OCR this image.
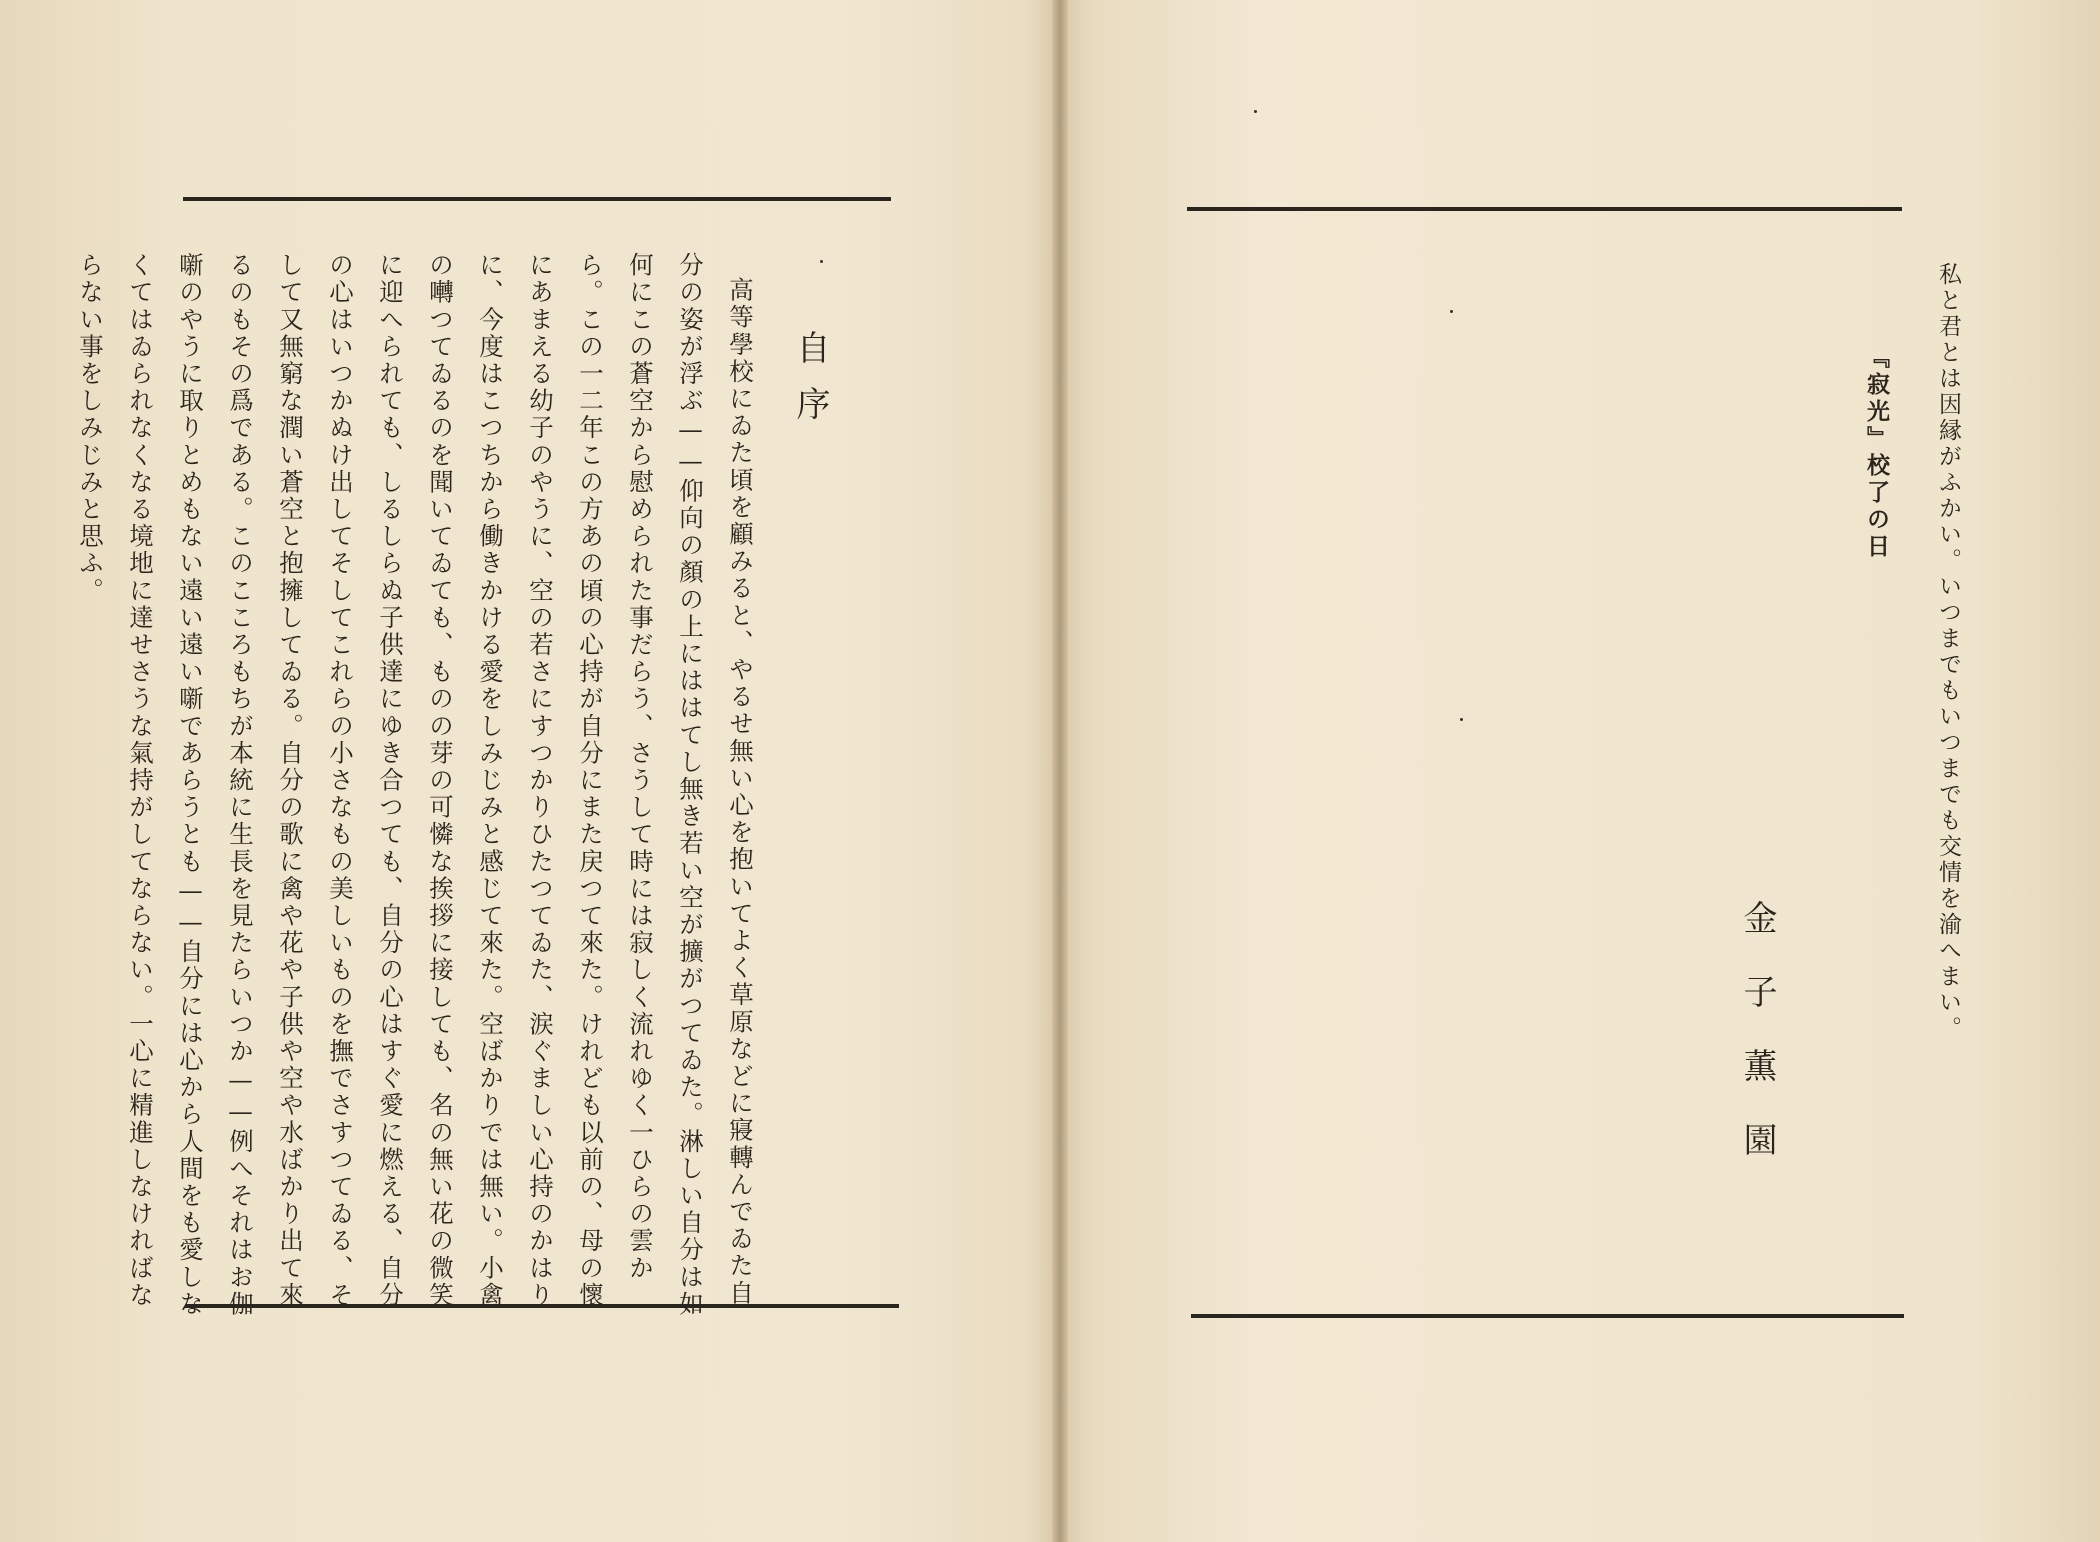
自序

高等學校にゐた頃を顧みると、やるせ無い心を抱いてよく草原などに寢轉んでゐた自分の姿が浮ぶ——仰向の顏の上にははてし無き若い空が擴がつてゐた。淋しい自分は如何にこの蒼空から慰められた事だらう、さうして時には寂しく流れゆく一ひらの雲から。この一二年この方あの頃の心持が自分にまた戻つて來た。けれども以前の、母の懷にあまえる幼子のやうに、空の若さにすつかりひたつてゐた、涙ぐましい心持のかはりに、今度はこつちから働きかける愛をしみじみと感じて來た。空ばかりでは無い。小禽の囀つてゐるのを聞いてゐても、ものの芽の可憐な挨拶に接しても、名の無い花の微笑に迎へられても、しるしらぬ子供達にゆき合つても、自分の心はすぐ愛に燃える、自分の心はいつかぬけ出してそしてこれらの小さなもの美しいものを撫でさすつてゐる、そして又無窮な潤い蒼空と抱擁してゐる。自分の歌に禽や花や子供や空や水ばかり出て來るのもその爲である。このこころもちが本統に生長を見たらいつか——例へそれはお伽噺のやうに取りとめもない遠い遠い噺であらうとも——自分には心から人間をも愛しなくてはゐられなくなる境地に達せさうな氣持がしてならない。一心に精進しなければならない事をしみじみと思ふ。	私と君とは因縁がふかい。いつまでもいつまでも交情を渝へまい。
『寂光』校了の日
金子薫園
